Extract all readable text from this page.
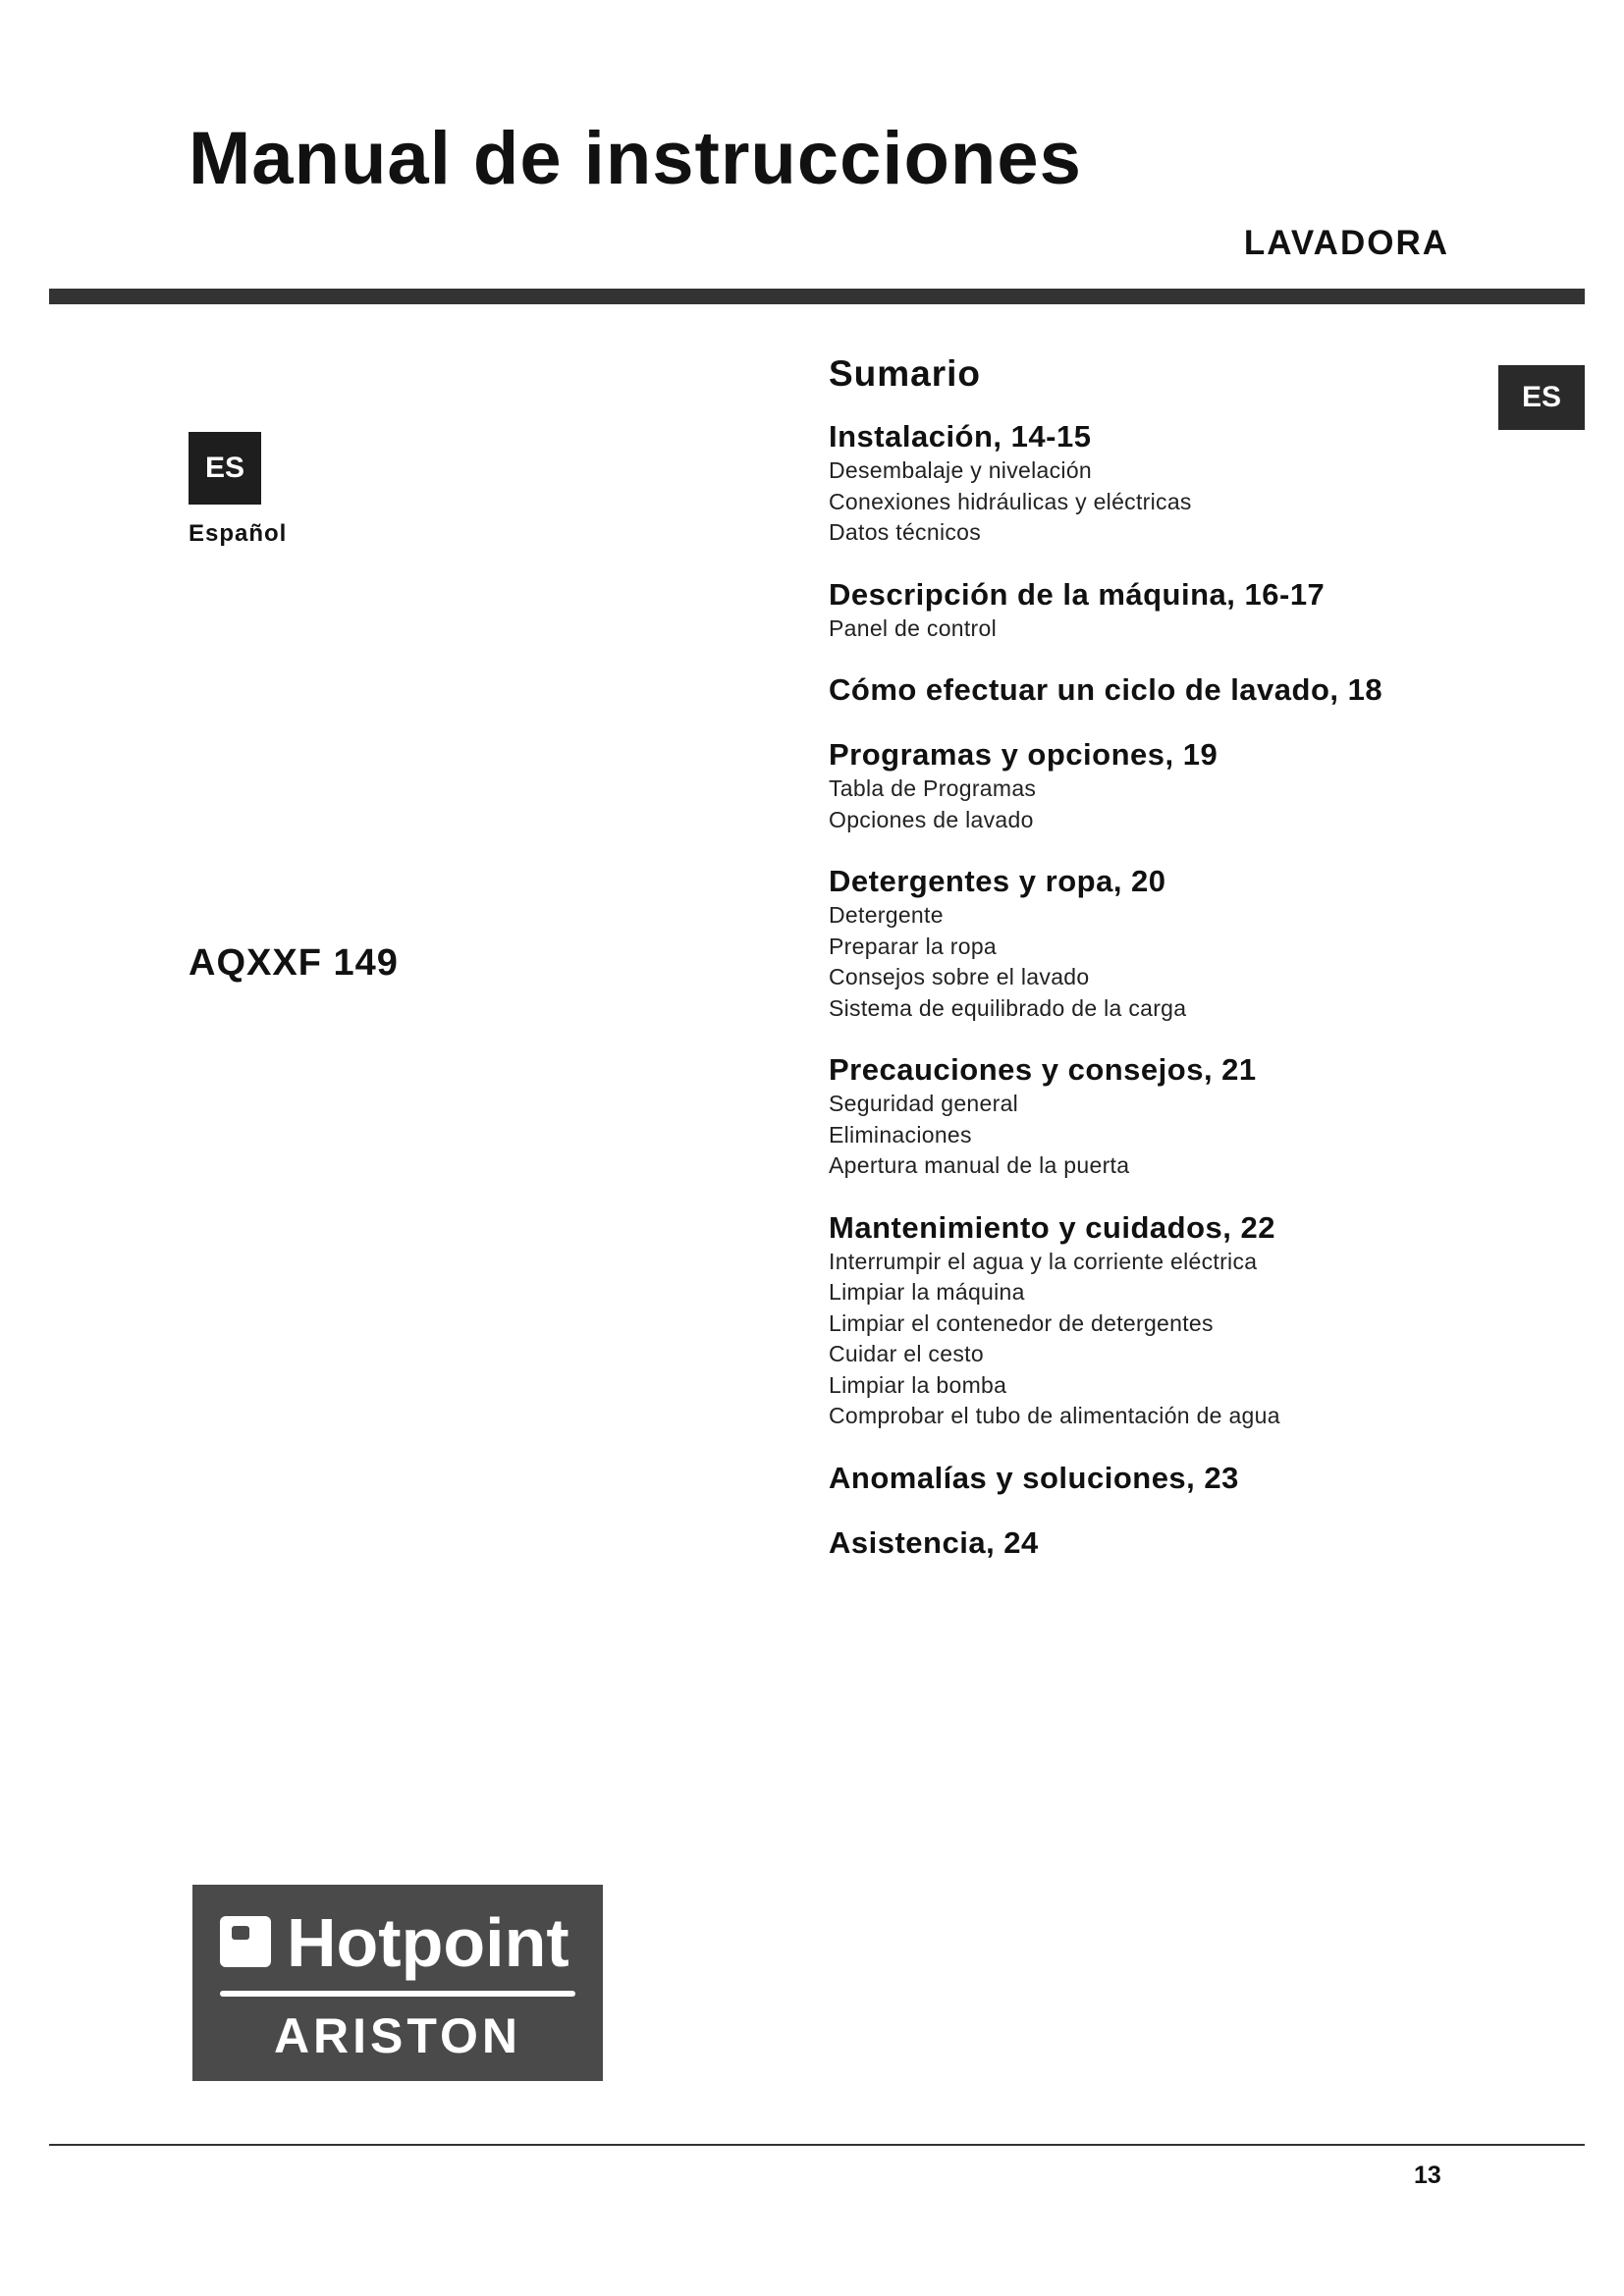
Manual de instrucciones
LAVADORA
ES
Español
ES
AQXXF 149
Sumario
Instalación, 14-15
Desembalaje y nivelación
Conexiones hidráulicas y eléctricas
Datos técnicos
Descripción de la máquina, 16-17
Panel de control
Cómo efectuar un ciclo de lavado, 18
Programas y opciones, 19
Tabla de Programas
Opciones de lavado
Detergentes y ropa, 20
Detergente
Preparar la ropa
Consejos sobre el lavado
Sistema de equilibrado de la carga
Precauciones y consejos, 21
Seguridad general
Eliminaciones
Apertura manual de la puerta
Mantenimiento y cuidados, 22
Interrumpir el agua y la corriente eléctrica
Limpiar la máquina
Limpiar el contenedor de detergentes
Cuidar el cesto
Limpiar la bomba
Comprobar el tubo de alimentación de agua
Anomalías y soluciones, 23
Asistencia, 24
Hotpoint
ARISTON
13
